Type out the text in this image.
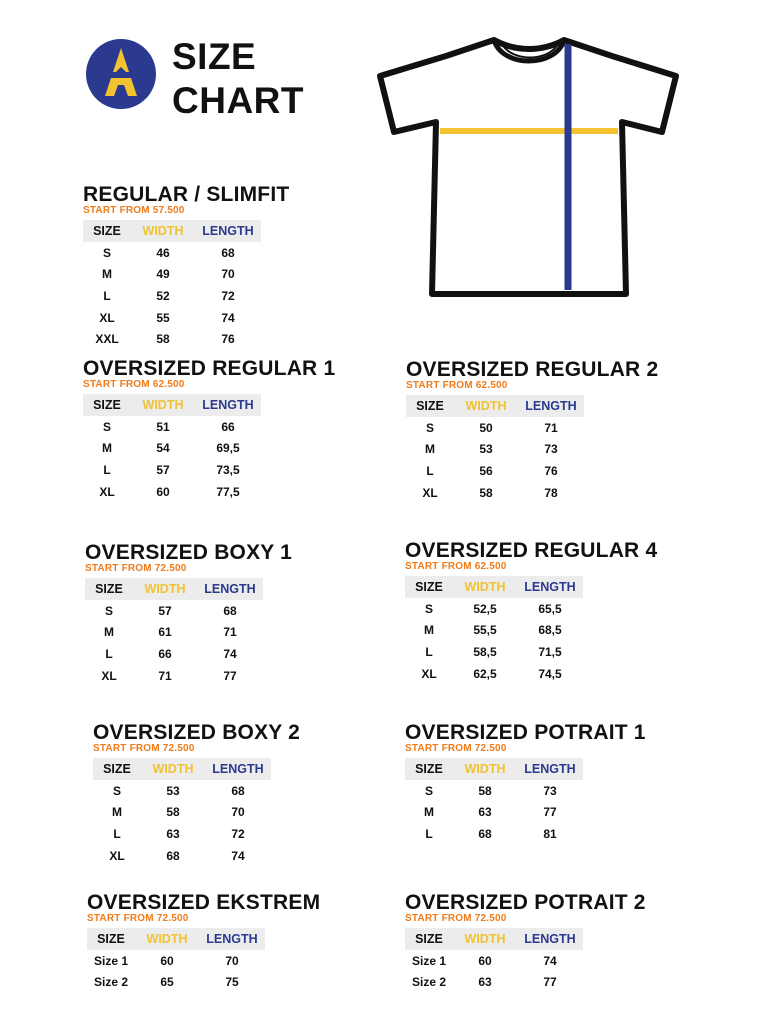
SIZE
CHART
REGULAR / SLIMFIT
START FROM 57.500
SIZE	WIDTH	LENGTH
S	46	68
M	49	70
L	52	72
XL	55	74
XXL	58	76
OVERSIZED REGULAR 1
START FROM 62.500
SIZE	WIDTH	LENGTH
S	51	66
M	54	69,5
L	57	73,5
XL	60	77,5
OVERSIZED REGULAR 2
START FROM 62.500
SIZE	WIDTH	LENGTH
S	50	71
M	53	73
L	56	76
XL	58	78
OVERSIZED BOXY 1
START FROM 72.500
SIZE	WIDTH	LENGTH
S	57	68
M	61	71
L	66	74
XL	71	77
OVERSIZED REGULAR 4
START FROM 62.500
SIZE	WIDTH	LENGTH
S	52,5	65,5
M	55,5	68,5
L	58,5	71,5
XL	62,5	74,5
OVERSIZED BOXY 2
START FROM 72.500
SIZE	WIDTH	LENGTH
S	53	68
M	58	70
L	63	72
XL	68	74
OVERSIZED POTRAIT 1
START FROM 72.500
SIZE	WIDTH	LENGTH
S	58	73
M	63	77
L	68	81
OVERSIZED EKSTREM
START FROM 72.500
SIZE	WIDTH	LENGTH
Size 1	60	70
Size 2	65	75
OVERSIZED POTRAIT 2
START FROM 72.500
SIZE	WIDTH	LENGTH
Size 1	60	74
Size 2	63	77
